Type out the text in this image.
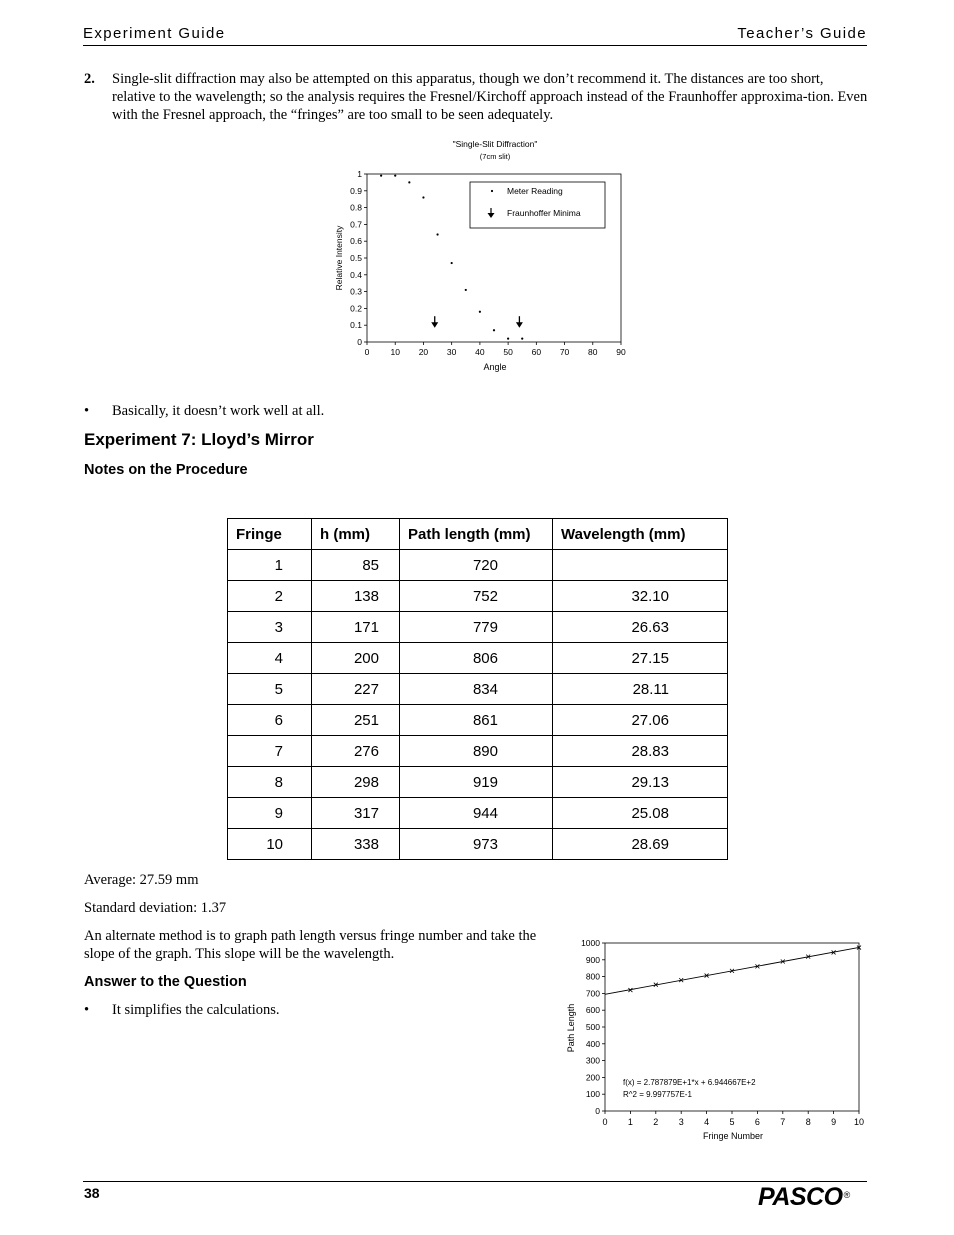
Experiment Guide	Teacher’s Guide
2. Single-slit diffraction may also be attempted on this apparatus, though we don’t recommend it. The distances are too short, relative to the wavelength; so the analysis requires the Fresnel/Kirchoff approach instead of the Fraunhoffer approxima-tion. Even with the Fresnel approach, the “fringes” are too small to be seen adequately.
"Single-Slit Diffraction"
(7cm slit)
0 10 20 30 40 50 60 70 80 90
0
0.1
0.2
0.3
0.4
0.5
0.6
0.7
0.8
0.9
1
Meter Reading
Fraunhoffer Minima
Angle
Relative Intensity
• Basically, it doesn’t work well at all.
Experiment 7: Lloyd’s Mirror
Notes on the Procedure
Fringe	h (mm)	Path length (mm)	Wavelength (mm)
1	85	720	
2	138	752	32.10
3	171	779	26.63
4	200	806	27.15
5	227	834	28.11
6	251	861	27.06
7	276	890	28.83
8	298	919	29.13
9	317	944	25.08
10	338	973	28.69
Average: 27.59 mm
Standard deviation: 1.37
An alternate method is to graph path length versus fringe number and take the slope of the graph. This slope will be the wavelength.
Answer to the Question
• It simplifies the calculations.
0 1 2 3 4 5 6 7 8 9 10
0
100
200
300
400
500
600
700
800
900
1000
f(x) = 2.787879E+1*x + 6.944667E+2
R^2 = 9.997757E-1
Fringe Number
Path Length
38	PASCO®
